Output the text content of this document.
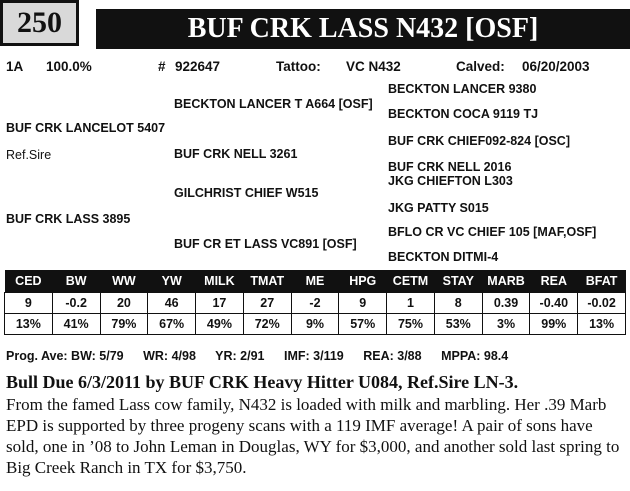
250	BUF CRK LASS N432 [OSF]
1A 100.0%	# 922647	Tattoo: VC N432	Calved: 06/20/2003
BUF CRK LANCELOT 5407
Ref.Sire
BUF CRK LASS 3895
BECKTON LANCER T A664 [OSF]
BUF CRK NELL 3261
GILCHRIST CHIEF W515
BUF CR ET LASS VC891 [OSF]
BECKTON LANCER 9380
BECKTON COCA 9119 TJ
BUF CRK CHIEF092-824 [OSC]
BUF CRK NELL 2016
JKG CHIEFTON L303
JKG PATTY S015
BFLO CR VC CHIEF 105 [MAF,OSF]
BECKTON DITMI-4
CED	BW	WW	YW	MILK	TMAT	ME	HPG	CETM	STAY	MARB	REA	BFAT
9	-0.2	20	46	17	27	-2	9	1	8	0.39	-0.40	-0.02
13%	41%	79%	67%	49%	72%	9%	57%	75%	53%	3%	99%	13%
Prog. Ave: BW: 5/79 WR: 4/98 YR: 2/91 IMF: 3/119 REA: 3/88 MPPA: 98.4
Bull Due 6/3/2011 by BUF CRK Heavy Hitter U084, Ref.Sire LN-3.
From the famed Lass cow family, N432 is loaded with milk and marbling. Her .39 Marb EPD is supported by three progeny scans with a 119 IMF average! A pair of sons have sold, one in ’08 to John Leman in Douglas, WY for $3,000, and another sold last spring to Big Creek Ranch in TX for $3,750.
